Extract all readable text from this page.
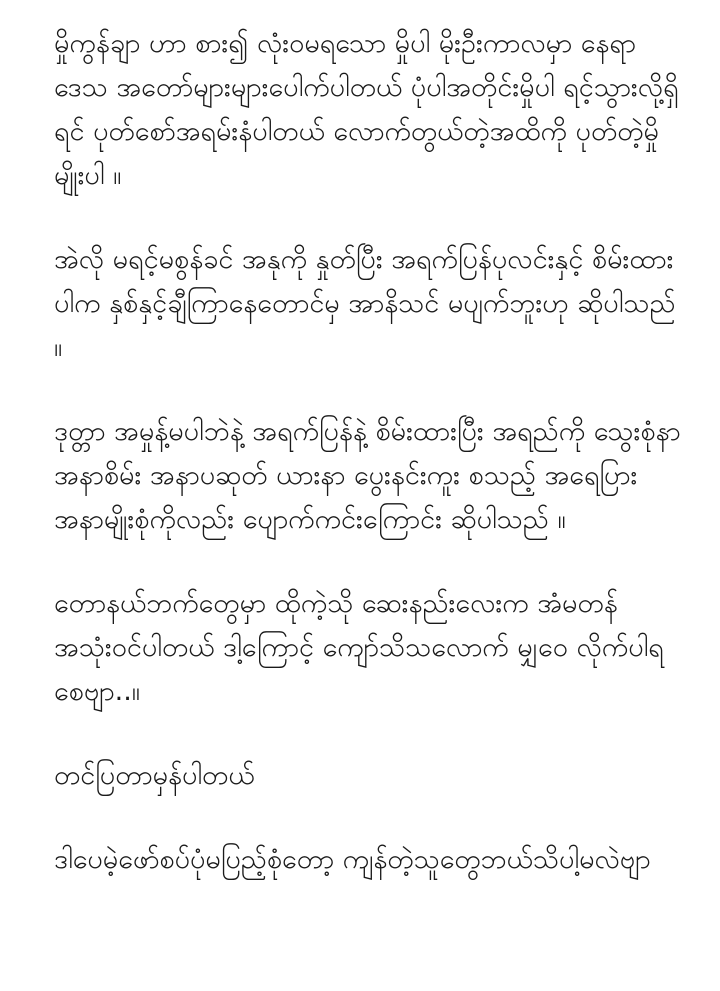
မှိုကွန်ချာ ဟာ စား၍ လုံးဝမရသော မှိုပါ မိုးဦးကာလမှာ နေရာဒေသ အတော်များများပေါက်ပါတယ် ပုံပါအတိုင်းမှိုပါ ရင့်သွားလို့ရှိရင် ပုတ်စော်အရမ်းနံပါတယ် လောက်တွယ်တဲ့အထိကို ပုတ်တဲ့မှိုမျိုးပါ ။

အဲလို မရင့်မစွန်ခင် အနုကို နှုတ်ပြီး အရက်ပြန်ပုလင်းနှင့် စိမ်းထားပါက နှစ်နှင့်ချီကြာနေတောင်မှ အာနိသင် မပျက်ဘူးဟု ဆိုပါသည် ။

ဒုတ္တာ အမှုန့်မပါဘဲနဲ့ အရက်ပြန်နဲ့ စိမ်းထားပြီး အရည်ကို သွေးစုံနာ အနာစိမ်း အနာပဆုတ် ယားနာ ပွေးနင်းကူး စသည့် အရေပြား အနာမျိုးစုံကိုလည်း ပျောက်ကင်းကြောင်း ဆိုပါသည် ။

တောနယ်ဘက်တွေမှာ ထိုကဲ့သို ဆေးနည်းလေးက အံမတန် အသုံးဝင်ပါတယ် ဒါ့ကြောင့် ကျော်သိသလောက် မျှဝေ လိုက်ပါရစေဗျာ..။

တင်ပြတာမှန်ပါတယ်

ဒါပေမဲ့ဖော်စပ်ပုံမပြည့်စုံတော့ ကျန်တဲ့သူတွေဘယ်သိပါ့မလဲဗျာ
